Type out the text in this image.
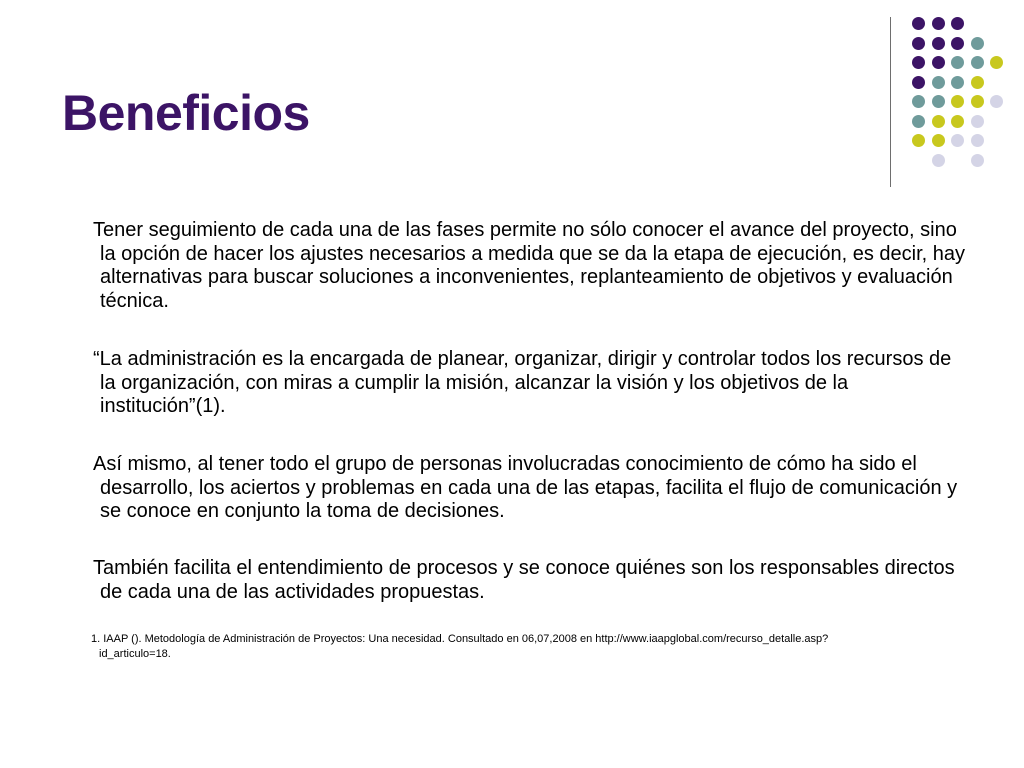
Beneficios

Tener seguimiento de cada una de las fases permite no sólo conocer el avance del proyecto, sino la opción de hacer los ajustes necesarios a medida que se da la etapa de ejecución, es decir, hay alternativas para buscar soluciones a inconvenientes, replanteamiento de objetivos y evaluación técnica.

“La administración es la encargada de planear, organizar, dirigir y controlar todos los recursos de la organización, con miras a cumplir la misión, alcanzar la visión y los objetivos de la institución”(1).

Así mismo, al tener todo el grupo de personas involucradas conocimiento de cómo ha sido el desarrollo, los aciertos y problemas en cada una de las etapas, facilita el flujo de comunicación y se conoce en conjunto la toma de decisiones.

También facilita el entendimiento de procesos y se conoce quiénes son los responsables directos de cada una de las actividades propuestas.

1. IAAP (). Metodología de Administración de Proyectos: Una necesidad. Consultado en 06,07,2008 en http://www.iaapglobal.com/recurso_detalle.asp?id_articulo=18.
